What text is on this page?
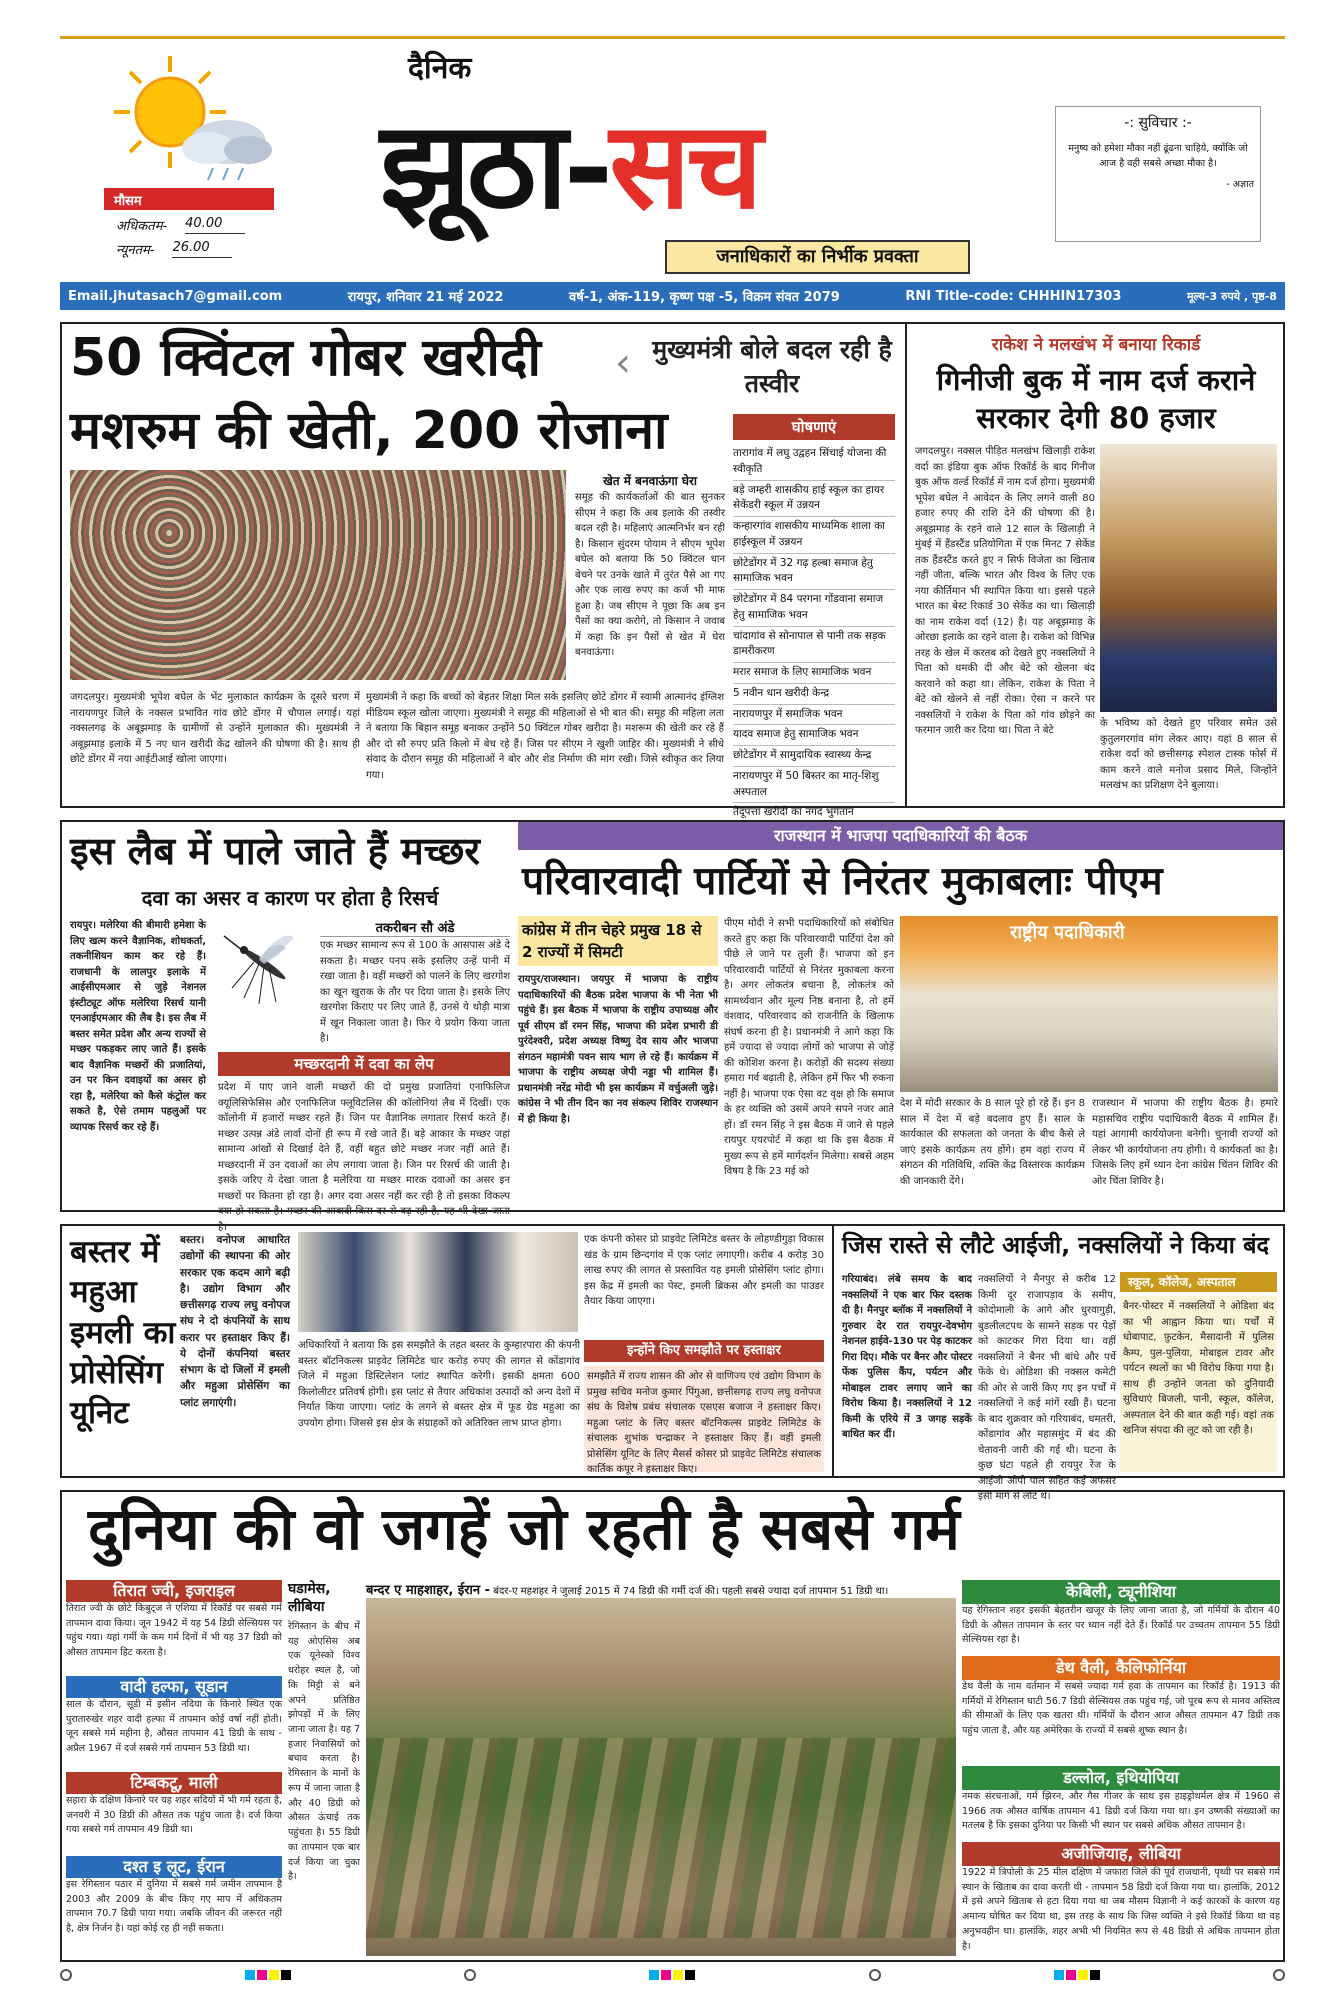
मौसम
अधिकतम- 40.00
न्यूनतम- 26.00
दैनिक
झूठा-सच
जनाधिकारों का निर्भीक प्रवक्ता
-: सुविचार :-

मनुष्य को हमेशा मौका नहीं ढूंढना चाहिये, क्योंकि जो आज है वही सबसे अच्छा मौका है।

- अज्ञात
Email.jhutasach7@gmail.com	रायपुर, शनिवार 21 मई 2022	वर्ष-1, अंक-119, कृष्ण पक्ष -5, विक्रम संवत 2079	RNI Title-code: CHHHIN17303	मूल्य-3 रुपये , पृष्ठ-8
50 क्विंटल गोबर खरीदी
मशरुम की खेती, 200 रोजाना
‹ मुख्यमंत्री बोले बदल रही है तस्वीर
जगदलपुर। मुख्यमंत्री भूपेश बघेल के भेंट मुलाकात कार्यक्रम के दूसरे चरण में नारायणपुर जिले के नक्सल प्रभावित गांव छोटे डोंगर में चौपाल लगाई। यहां नक्सलगढ़ के अबूझमाड़ के ग्रामीणों से उन्होंने मुलाकात की। मुख्यमंत्री ने अबूझमाड़ इलाके में 5 नए धान खरीदी केंद्र खोलने की घोषणा की है। साथ ही छोटे डोंगर में नया आईटीआई खोला जाएगा।
मुख्यमंत्री ने कहा कि बच्चों को बेहतर शिक्षा मिल सके इसलिए छोटे डोंगर में स्वामी आत्मानंद इंग्लिश मीडियम स्कूल खोला जाएगा। मुख्यमंत्री ने समूह की महिलाओं से भी बात की। समूह की महिला लता ने बताया कि बिहान समूह बनाकर उन्होंने 50 क्विंटल गोबर खरीदा है। मशरूम की खेती कर रहे हैं और दो सौ रुपए प्रति किलो में बेच रहे हैं। जिस पर सीएम ने खुशी जाहिर की। मुख्यमंत्री ने सीधे संवाद के दौरान समूह की महिलाओं ने बोर और शेड निर्माण की मांग रखी। जिसे स्वीकृत कर लिया गया।
खेत में बनवाऊंगा घेरा
समूह की कार्यकर्ताओं की बात सुनकर सीएम ने कहा कि अब इलाके की तस्वीर बदल रही है। महिलाएं आत्मनिर्भर बन रही है। किसान सुंदरम पोयाम ने सीएम भूपेश बघेल को बताया कि 50 क्विंटल धान बेचने पर उनके खाते में तुरंत पैसे आ गए और एक लाख रुपए का कर्ज भी माफ हुआ है। जब सीएम ने पूछा कि अब इन पैसों का क्या करोगे, तो किसान ने जवाब में कहा कि इन पैसों से खेत में घेरा बनवाऊंगा।
घोषणाएं
तारागांव में लघु उद्वहन सिंचाई योजना की स्वीकृति
बड़े जम्हरी शासकीय हाई स्कूल का हायर सेकेंडरी स्कूल में उन्नयन
कन्हारगांव शासकीय माध्यमिक शाला का हाईस्कूल में उन्नयन
छोटेडोंगर में 32 गढ़ हल्बा समाज हेतु सामाजिक भवन
छोटेडोंगर में 84 परगना गोंडवाना समाज हेतु सामाजिक भवन
चांदागांव से सोनापाल से पानी तक सड़क डामरीकरण
मरार समाज के लिए सामाजिक भवन
5 नवीन धान खरीदी केन्द्र
नारायणपुर में समाजिक भवन
यादव समाज हेतु सामाजिक भवन
छोटेडोंगर में सामुदायिक स्वास्थ्य केन्द्र
नारायणपुर में 50 बिस्तर का मातृ-शिशु अस्पताल
तेंदूपत्ता खरीदी का नगद भुगतान
राकेश ने मलखंभ में बनाया रिकार्ड
गिनीजी बुक में नाम दर्ज कराने सरकार देगी 80 हजार
जगदलपुर। नक्सल पीड़ित मलखंभ खिलाड़ी राकेश वर्दा का इंडिया बुक ऑफ रिकॉर्ड के बाद गिनीज बुक ऑफ वर्ल्ड रिकॉर्ड में नाम दर्ज होगा। मुख्यमंत्री भूपेश बघेल ने आवेदन के लिए लगने वाली 80 हजार रुपए की राशि देने की घोषणा की है। अबूझमाड़ के रहने वाले 12 साल के खिलाड़ी ने मुंबई में हैंडस्टैंड प्रतियोगिता में एक मिनट 7 सेकेंड तक हैंडस्टैंड करते हुए न सिर्फ विजेता का खिताब नहीं जीता, बल्कि भारत और विश्व के लिए एक नया कीर्तिमान भी स्थापित किया था। इससे पहले भारत का बेस्ट रिकार्ड 30 सेकेंड का था। खिलाड़ी का नाम राकेश वर्दा (12) है। यह अबूझमाड़ के ओरछा इलाके का रहने वाला है। राकेश को विभिन्न तरह के खेल में करतब को देखते हुए नक्सलियों ने पिता को धमकी दी और बेटे को खेलना बंद करवाने को कहा था। लेकिन, राकेश के पिता ने बेटे को खेलने से नहीं रोका। ऐसा न करने पर नक्सलियों ने राकेश के पिता को गांव छोड़ने का फरमान जारी कर दिया था। पिता ने बेटे
के भविष्य को देखते हुए परिवार समेत उसे कुतुलगरगांव मांग लेकर आए। यहां 8 साल से राकेश वर्दा को छत्तीसगढ़ स्पेशल टास्क फोर्स में काम करने वाले मनोज प्रसाद मिले, जिन्होंने मलखंभ का प्रशिक्षण देने बुलाया।
इस लैब में पाले जाते हैं मच्छर
दवा का असर व कारण पर होता है रिसर्च
रायपुर। मलेरिया की बीमारी हमेशा के लिए खत्म करने वैज्ञानिक, शोधकर्ता, तकनीशियन काम कर रहे हैं। राजधानी के लालपुर इलाके में आईसीएमआर से जुड़े नेशनल इंस्टीट्यूट ऑफ मलेरिया रिसर्च यानी एनआईएमआर की लैब है। इस लैब में बस्तर समेत प्रदेश और अन्य राज्यों से मच्छर पकड़कर लाए जाते हैं। इसके बाद वैज्ञानिक मच्छरों की प्रजातियां, उन पर किन दवाइयों का असर हो रहा है, मलेरिया को कैसे कंट्रोल कर सकते है, ऐसे तमाम पहलुओं पर व्यापक रिसर्च कर रहे हैं।
तकरीबन सौ अंडे
एक मच्छर सामान्य रूप से 100 के आसपास अंडे दे सकता है। मच्छर पनप सके इसलिए उन्हें पानी में रखा जाता है। वहीं मच्छरों को पालने के लिए खरगोश का खून खुराक के तौर पर दिया जाता है। इसके लिए खरगोश किराए पर लिए जाते हैं, उनसे ये थोड़ी मात्रा में खून निकाला जाता है। फिर ये प्रयोग किया जाता है।
मच्छरदानी में दवा का लेप
प्रदेश में पाए जाने वाली मच्छरों की दो प्रमुख प्रजातियां एनाफिलिज क्यूलिसिफेसिस और एनाफिलिज फ्लूविटलिस की कॉलोनियां लैब में दिखीं। एक कॉलोनी में हजारों मच्छर रहते हैं। जिन पर वैज्ञानिक लगातार रिसर्च करते हैं। मच्छर उत्पन्न अंडे लार्वा दोनों ही रूप में रखे जाते हैं। बड़े आकार के मच्छर जहां सामान्य आंखों से दिखाई देते हैं, वहीं बहुत छोटे मच्छर नजर नहीं आते हैं। मच्छरदानी में उन दवाओं का लेप लगाया जाता है। जिन पर रिसर्च की जाती है। इसके जरिए ये देखा जाता है मलेरिया या मच्छर मारक दवाओं का असर इन मच्छरों पर कितना हो रहा है। अगर दवा असर नहीं कर रही है तो इसका विकल्प क्या हो सकता है। मच्छर की आबादी किस दर से बढ़ रही है, यह भी देखा जाता है।
राजस्थान में भाजपा पदाधिकारियों की बैठक
परिवारवादी पार्टियों से निरंतर मुकाबलाः पीएम
कांग्रेस में तीन चेहरे प्रमुख 18 से 2 राज्यों में सिमटी
रायपुर/राजस्थान। जयपुर में भाजपा के राष्ट्रीय पदाधिकारियों की बैठक प्रदेश भाजपा के भी नेता भी पहुंचे हैं। इस बैठक में भाजपा के राष्ट्रीय उपाध्यक्ष और पूर्व सीएम डॉ रमन सिंह, भाजपा की प्रदेश प्रभारी डी पुरंदेश्वरी, प्रदेश अध्यक्ष विष्णु देव साय और भाजपा संगठन महामंत्री पवन साय भाग ले रहे हैं। कार्यक्रम में भाजपा के राष्ट्रीय अध्यक्ष जेपी नड्डा भी शामिल हैं। प्रधानमंत्री नरेंद्र मोदी भी इस कार्यक्रम में वर्चुअली जुड़े। कांग्रेस ने भी तीन दिन का नव संकल्प शिविर राजस्थान में ही किया है।
पीएम मोदी ने सभी पदाधिकारियों को संबोधित करते हुए कहा कि परिवारवादी पार्टियां देश को पीछे ले जाने पर तुली हैं। भाजपा को इन परिवारवादी पार्टियों से निरंतर मुकाबला करना है। अगर लोकतंत्र बचाना है, लोकतंत्र को सामर्थ्यवान और मूल्य निष्ठ बनाना है, तो हमें वंशवाद, परिवारवाद को राजनीति के खिलाफ संघर्ष करना ही है। प्रधानमंत्री ने आगे कहा कि हमें ज्यादा से ज्यादा लोगों को भाजपा से जोड़ें की कोशिश करना है। करोड़ों की सदस्य संख्या हमारा गर्व बढ़ाती है, लेकिन हमें फिर भी रुकना नहीं है। भाजपा एक ऐसा वट वृक्ष हो कि समाज के हर व्यक्ति को उसमें अपने सपने नजर आते हों। डॉ रमन सिंह ने इस बैठक में जाने से पहले रायपुर एयरपोर्ट में कहा था कि इस बैठक में मुख्य रूप से हमें मार्गदर्शन मिलेगा। सबसे अहम विषय है कि 23 मई को
राष्ट्रीय पदाधिकारी
देश में मोदी सरकार के 8 साल पूरे हो रहे हैं। इन 8 साल में देश में बड़े बदलाव हुए हैं। साल के कार्यकाल की सफलता को जनता के बीच कैसे ले जाएं इसके कार्यक्रम तय होंगे। हम वहां राज्य में संगठन की गतिविधि, शक्ति केंद्र विस्तारक कार्यक्रम की जानकारी देंगे।
राजस्थान में भाजपा की राष्ट्रीय बैठक है। हमारे महासचिव राष्ट्रीय पदाधिकारी बैठक में शामिल हैं। यहां आगामी कार्ययोजना बनेगी। चुनावी राज्यों को लेकर भी कार्ययोजना तय होगी। ये कार्यकर्ता का है। जिसके लिए हमें ध्यान देना कांग्रेस चिंतन शिविर की ओर चिंता शिविर है।
बस्तर में महुआ इमली का प्रोसेसिंग यूनिट
बस्तर। वनोपज आधारित उद्योगों की स्थापना की ओर सरकार एक कदम आगे बढ़ी है। उद्योग विभाग और छत्तीसगढ़ राज्य लघु वनोपज संघ ने दो कंपनियों के साथ करार पर हस्ताक्षर किए हैं। ये दोनों कंपनियां बस्तर संभाग के दो जिलों में इमली और महुआ प्रोसेसिंग का प्लांट लगाएंगी।
एक कंपनी कोसर प्रो प्राइवेट लिमिटेड बस्तर के लोहण्डीगुड़ा विकास खंड के ग्राम छिन्दगांव में एक प्लांट लगाएगी। करीब 4 करोड़ 30 लाख रुपए की लागत से प्रस्तावित यह इमली प्रोसेसिंग प्लांट होगा। इस केंद्र में इमली का पेस्ट, इमली ब्रिकस और इमली का पाउडर तैयार किया जाएगा।
अधिकारियों ने बताया कि इस समझौते के तहत बस्तर के कुम्हारपारा की कंपनी बस्तर बॉटनिकल्स प्राइवेट लिमिटेड चार करोड़ रुपए की लागत से कोंडागांव जिले में महुआ डिस्टिलेशन प्लांट स्थापित करेगी। इसकी क्षमता 600 किलोलीटर प्रतिवर्ष होगी। इस प्लांट से तैयार अधिकांश उत्पादों को अन्य देशों में निर्यात किया जाएगा। प्लांट के लगने से बस्तर क्षेत्र में फूड ग्रेड महुआ का उपयोग होगा। जिससे इस क्षेत्र के संग्राहकों को अतिरिक्त लाभ प्राप्त होगा।
इन्होंने किए समझौते पर हस्ताक्षर
समझौते में राज्य शासन की ओर से वाणिज्य एवं उद्योग विभाग के प्रमुख सचिव मनोज कुमार पिंगुआ, छत्तीसगढ़ राज्य लघु वनोपज संघ के विशेष प्रबंध संचालक एसएस बजाज ने हस्ताक्षर किए। महुआ प्लांट के लिए बस्तर बॉटनिकल्स प्राइवेट लिमिटेड के संचालक शुभांक चन्द्राकर ने हस्ताक्षर किए हैं। वहीं इमली प्रोसेसिंग यूनिट के लिए मैसर्स कोसर प्रो प्राइवेट लिमिटेड संचालक कार्तिक कपूर ने हस्ताक्षर किए।
जिस रास्ते से लौटे आईजी, नक्सलियों ने किया बंद
गरियाबंद। लंबे समय के बाद नक्सलियों ने एक बार फिर दस्तक दी है। मैनपुर ब्लॉक में नक्सलियों ने गुरुवार देर रात रायपुर-देवभोग नेशनल हाईवे-130 पर पेड़ काटकर गिरा दिए। मौके पर बैनर और पोस्टर फेंक पुलिस कैंप, पर्यटन और मोबाइल टावर लगाए जाने का विरोध किया है। नक्सलियों ने 12 किमी के एरिये में 3 जगह सड़कें बाधित कर दीं।
नक्सलियों ने मैनपुर से करीब 12 किमी दूर राजापड़ाव के समीप, कोदोमाली के आगे और धुरवागुड़ी, बुडलीलटपथ के सामने सड़क पर पेड़ों को काटकर गिरा दिया था। वहीं नक्सलियों ने बैनर भी बांधे और पर्चे फेंके थे। ओडिशा की नक्सल कमेटी की ओर से जारी किए गए इन पर्चों में नक्सलियों ने कई मांगें रखी हैं। घटना के बाद शुक्रवार को गरियाबंद, धमतरी, कोंडागांव और महासमुंद में बंद की चेतावनी जारी की गई थी। घटना के कुछ घंटा पहले ही रायपुर रेंज के आईजी ओपी पाल सहित कई अफसर इसी मार्ग से लौटे थे।
स्कूल, कॉलेज, अस्पताल
बैनर-पोस्टर में नक्सलियों ने ओडिशा बंद का भी आह्वान किया था। पर्चों में धोबापाट, फ़ुटकेन, मैसादानी में पुलिस कैम्प, पुल-पुलिया, मोबाइल टावर और पर्यटन स्थलों का भी विरोध किया गया है। साथ ही उन्होंने जनता को दुनियादी सुविधाएं बिजली, पानी, स्कूल, कॉलेज, अस्पताल देने की बात कही गई। वहां तक खनिज संपदा की लूट को जा रही है।
दुनिया की वो जगहें जो रहती है सबसे गर्म
तिरात ज्वी, इजराइल
तिरात ज्वी के छोटे किबुट्ज ने एशिया में रिकॉर्ड पर सबसे गर्म तापमान दावा किया। जून 1942 में यह 54 डिग्री सेल्सियस पर पहुंच गया। यहां गर्मी के कम गर्म दिनों में भी यह 37 डिग्री को औसत तापमान हिट करता है।
वादी हल्फा, सूडान
साल के दौरान, सूडी में इसीन नदिया के किनारे स्थित एक पुरातारुखेर शहर वादी हल्फा में तापमान कोई वर्षा नहीं होती। जून सबसे गर्म महीना है, औसत तापमान 41 डिग्री के साथ - अप्रैल 1967 में दर्ज सबसे गर्म तापमान 53 डिग्री था।
टिम्बकटू, माली
सहारा के दक्षिण किनारे पर यह शहर सदियों में भी गर्म रहता है, जनवरी में 30 डिग्री की औसत तक पहुंच जाता है। दर्ज किया गया सबसे गर्म तापमान 49 डिग्री था।
दश्त इ लूट, ईरान
इस रेगिस्तान पठार में दुनिया में सबसे गर्म जमीन तापमान है 2003 और 2009 के बीच किए गए माप में अधिकतम तापमान 70.7 डिग्री पाया गया। जबकि जीवन की जरूरत नहीं है, क्षेत्र निर्जन है। यहां कोई रह ही नहीं सकता।
घडामेस, लीबिया
रेगिस्तान के बीच में यह ओएसिस अब एक यूनेस्को विश्व धरोहर स्थल है, जो कि मिट्टी से बने अपने प्रतिष्ठित झोपड़ों में के लिए जाना जाता है। यह 7 हजार निवासियों को बचाव करता है। रेगिस्तान के मानों के रूप में जाना जाता है और 40 डिग्री को औसत ऊंचाई तक पहुंचता है। 55 डिग्री का तापमान एक बार दर्ज किया जा चुका है।
बन्दर ए माहशाहर, ईरान - बंदर-ए महशहर ने जुलाई 2015 में 74 डिग्री की गर्मी दर्ज की। पहली सबसे ज्यादा दर्ज तापमान 51 डिग्री था।	केबिली, ट्यूनीशिया
यह रेगिस्तान शहर इसकी बेहतरीन खजूर के लिए जाना जाता है, जो गर्मियों के दौरान 40 डिग्री के औसत तापमान के स्तर पर ध्यान नहीं देते हैं। रिकॉर्ड पर उच्चतम तापमान 55 डिग्री सेल्सियस रहा है।
डेथ वैली, कैलिफोर्निया
डेथ वैली के नाम वर्तमान में सबसे ज्यादा गर्म हवा के तापमान का रिकॉर्ड है। 1913 की गर्मियों में रेगिस्तान घाटी 56.7 डिग्री सेल्सियस तक पहुंच गई, जो पूरब रूप से मानव अस्तित्व की सीमाओं के लिए एक खतरा थी। गर्मियों के दौरान आज औसत तापमान 47 डिग्री तक पहुंच जाता है, और यह अमेरिका के राज्यों में सबसे शुष्क स्थान है।
डल्लोल, इथियोपिया
नमक संरचनाओं, गर्म झिरन, और गैस गीजर के साथ इस हाइड्रोथर्मल क्षेत्र में 1960 से 1966 तक औसत वार्षिक तापमान 41 डिग्री दर्ज किया गया था। इन उष्णकी संख्याओं का मतलब है कि इसका दुनिया पर किसी भी स्थान पर सबसे अधिक औसत तापमान है।
अजीजियाह, लीबिया
1922 में त्रिपोली के 25 मील दक्षिण में जफारा जिले की पूर्व राजधानी, पृथ्वी पर सबसे गर्म स्थान के खिताब का दावा करती थी - तापमान 58 डिग्री दर्ज किया गया था। हालांकि, 2012 में इसे अपने खिताब से हटा दिया गया था जब मौसम विज्ञानी ने कई कारकों के कारण यह अमान्य घोषित कर दिया था, इस तरह के साथ कि जिस व्यक्ति ने इसे रिकॉर्ड किया था वह अनुभवहीन था। हालांकि, शहर अभी भी नियमित रूप से 48 डिग्री से अधिक तापमान होता है।
